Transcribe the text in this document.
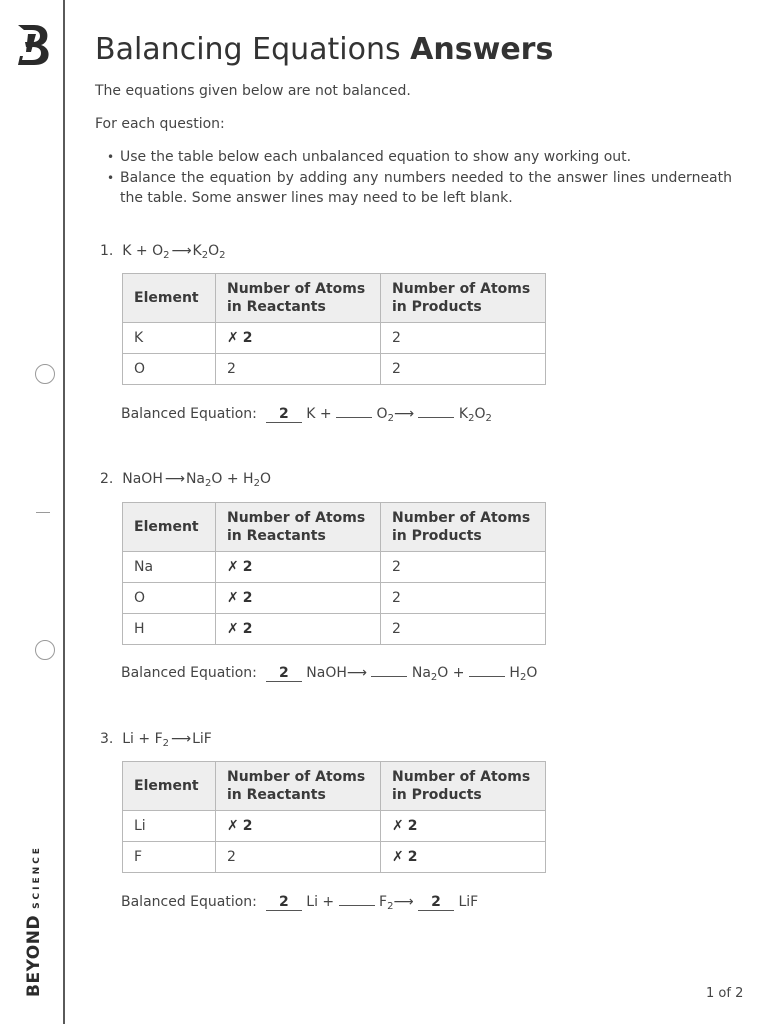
BEYONDSCIENCE
Balancing Equations Answers
The equations given below are not balanced.
For each question:
• Use the table below each unbalanced equation to show any working out.
• Balance the equation by adding any numbers needed to the answer lines underneath the table. Some answer lines may need to be left blank.
1.  $K + O_2$ ⟶ $K_2O_2$
Element	Number of Atoms in Reactants	Number of Atoms in Products
K	✗ 2	2
O	2	2
Balanced Equation: 2 K +	$O_2⟶$	$K_2O_2$
2.  NaOH ⟶ $Na_2O + H_2O$
Element	Number of Atoms in Reactants	Number of Atoms in Products
Na	✗ 2	2
O	✗ 2	2
H	✗ 2	2
Balanced Equation: 2 NaOH⟶	$Na_2O$ +	$H_2O$
3.  $Li + F_2$ ⟶ LiF
Element	Number of Atoms in Reactants	Number of Atoms in Products
Li	✗ 2	✗ 2
F	2	✗ 2
Balanced Equation: 2 Li +	$F_2⟶$ 2 LiF
1 of 2
